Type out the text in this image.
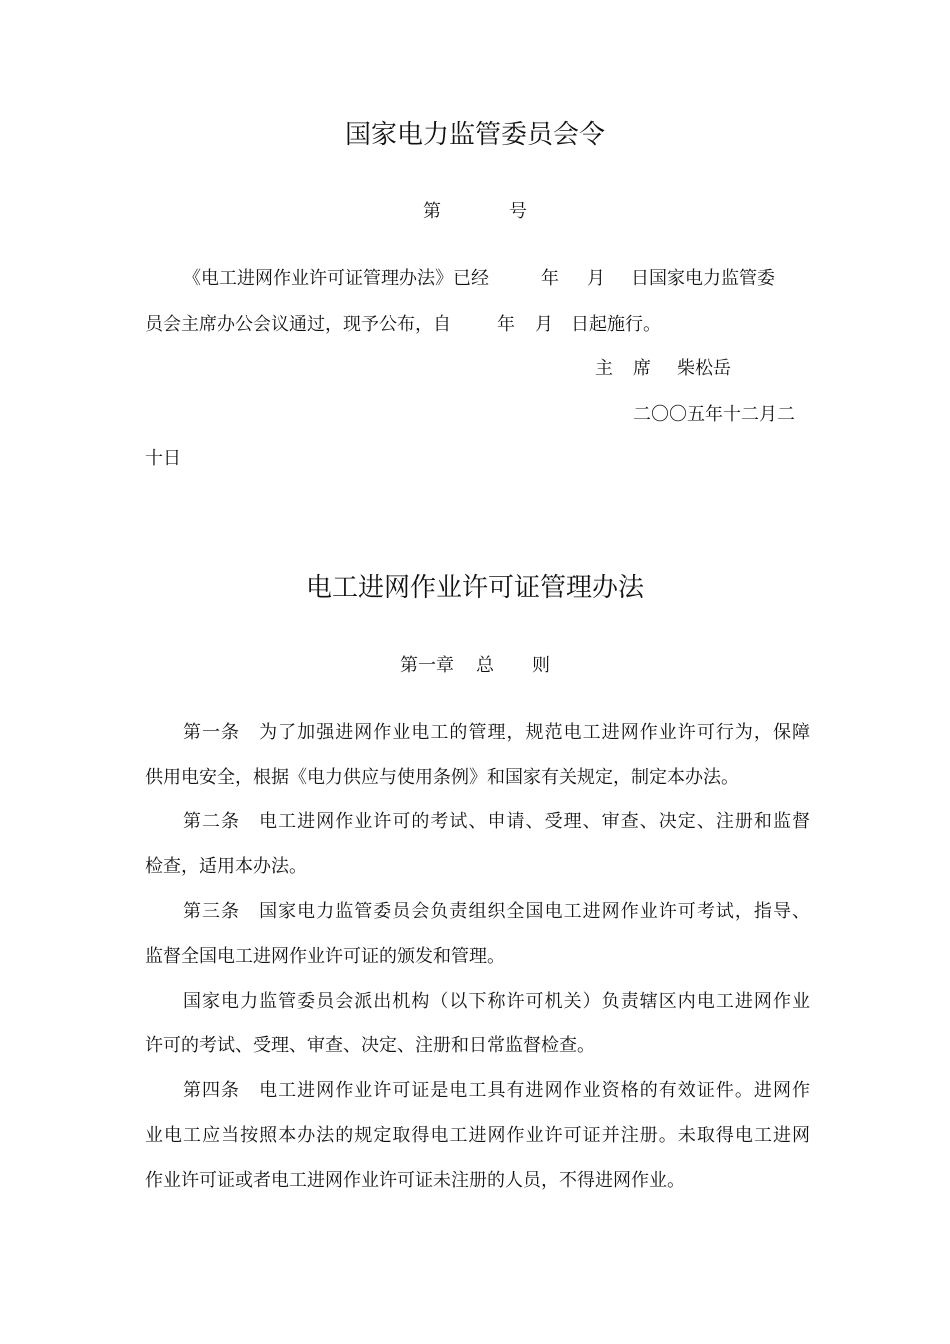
国家电力监管委员会令
第	号
《电工进网作业许可证管理办法》已经	年 月 日国家电力监管委
员会主席办公会议通过，现予公布，自	年 月 日起施行。
主 席 柴松岳
二〇〇五年十二月二
十日
电工进网作业许可证管理办法
第一章 总 则
第一条　为了加强进网作业电工的管理，规范电工进网作业许可行为，保障
供用电安全，根据《电力供应与使用条例》和国家有关规定，制定本办法。
第二条　电工进网作业许可的考试、申请、受理、审查、决定、注册和监督
检查，适用本办法。
第三条　国家电力监管委员会负责组织全国电工进网作业许可考试，指导、
监督全国电工进网作业许可证的颁发和管理。
国家电力监管委员会派出机构（以下称许可机关）负责辖区内电工进网作业
许可的考试、受理、审查、决定、注册和日常监督检查。
第四条　电工进网作业许可证是电工具有进网作业资格的有效证件。进网作
业电工应当按照本办法的规定取得电工进网作业许可证并注册。未取得电工进网
作业许可证或者电工进网作业许可证未注册的人员，不得进网作业。
